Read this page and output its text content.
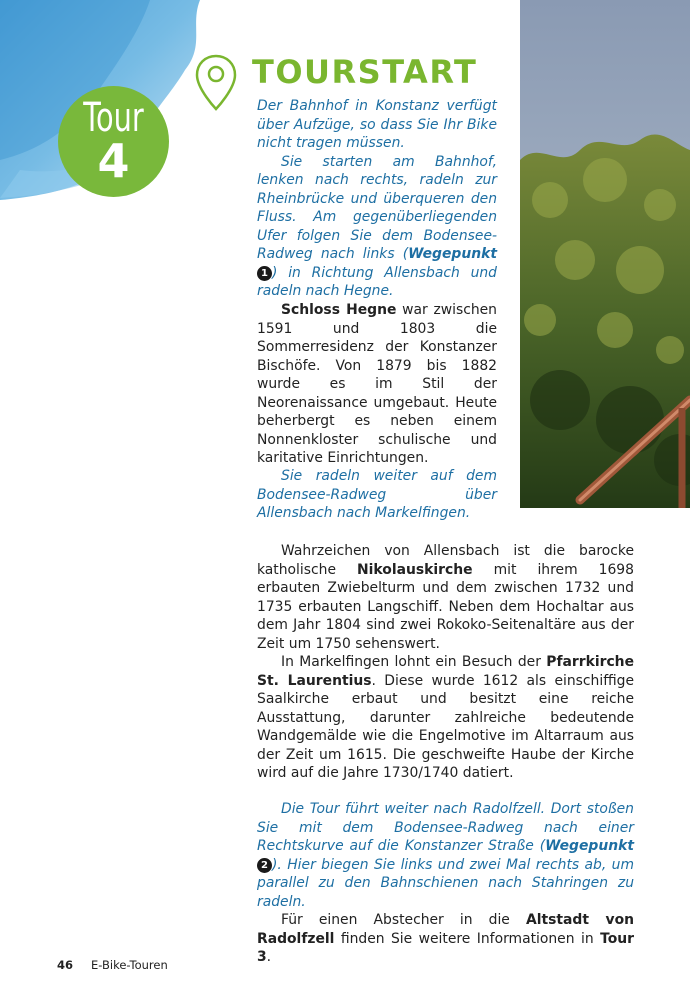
Tour
4
TOURSTART

Der Bahnhof in Konstanz verfügt über Aufzüge, so dass Sie Ihr Bike nicht tragen müssen.

Sie starten am Bahnhof, lenken nach rechts, radeln zur Rheinbrücke und überqueren den Fluss. Am gegenüberliegenden Ufer folgen Sie dem Bodensee-Radweg nach links (Wegepunkt 1 ) in Richtung Allensbach und radeln nach Hegne.

Schloss Hegne war zwischen 1591 und 1803 die Sommerresidenz der Konstanzer Bischöfe. Von 1879 bis 1882 wurde es im Stil der Neorenaissance umgebaut. Heute beherbergt es neben einem Nonnenkloster schulische und karitative Einrichtungen.

Sie radeln weiter auf dem Bodensee-Radweg über Allensbach nach Markelfingen.

Wahrzeichen von Allensbach ist die barocke katholische Nikolauskirche mit ihrem 1698 erbauten Zwiebelturm und dem zwischen 1732 und 1735 erbauten Langschiff. Neben dem Hochaltar aus dem Jahr 1804 sind zwei Rokoko-Seitenaltäre aus der Zeit um 1750 sehenswert.

In Markelfingen lohnt ein Besuch der Pfarrkirche St. Laurentius. Diese wurde 1612 als einschiffige Saalkirche erbaut und besitzt eine reiche Ausstattung, darunter zahlreiche bedeutende Wandgemälde wie die Engelmotive im Altarraum aus der Zeit um 1615. Die geschweifte Haube der Kirche wird auf die Jahre 1730/1740 datiert.

Die Tour führt weiter nach Radolfzell. Dort stoßen Sie mit dem Bodensee-Radweg nach einer Rechtskurve auf die Konstanzer Straße (Wegepunkt 2 ). Hier biegen Sie links und zwei Mal rechts ab, um parallel zu den Bahnschienen nach Stahringen zu radeln.

Für einen Abstecher in die Altstadt von Radolfzell finden Sie weitere Informationen in Tour 3.

46 E-Bike-Touren
